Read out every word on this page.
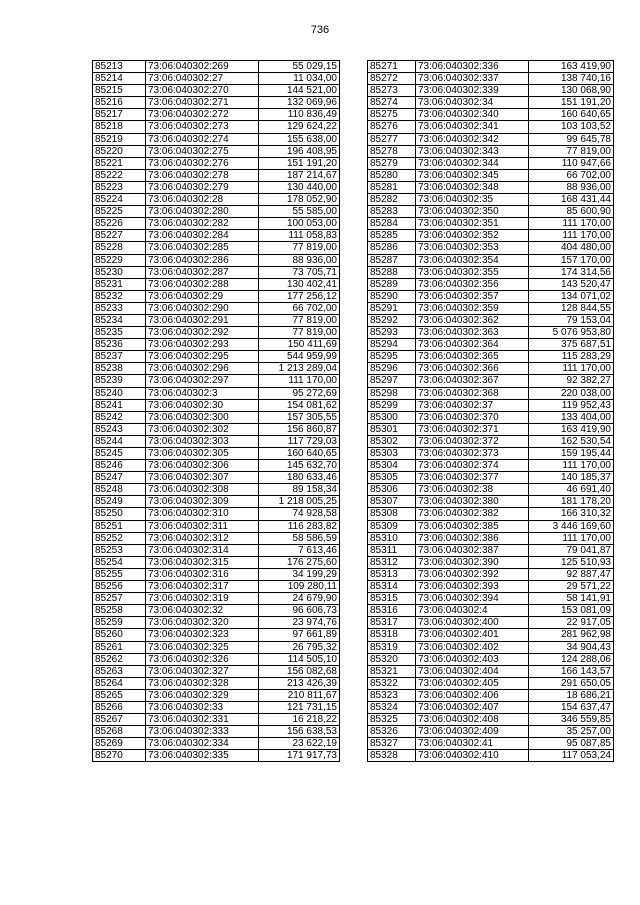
736
85213	73:06:040302:269	55 029,15
85214	73:06:040302:27	11 034,00
85215	73:06:040302:270	144 521,00
85216	73:06:040302:271	132 069,96
85217	73:06:040302:272	110 836,49
85218	73:06:040302:273	129 624,22
85219	73:06:040302:274	155 638,00
85220	73:06:040302:275	196 408,95
85221	73:06:040302:276	151 191,20
85222	73:06:040302:278	187 214,67
85223	73:06:040302:279	130 440,00
85224	73:06:040302:28	178 052,90
85225	73:06:040302:280	55 585,00
85226	73:06:040302:282	100 053,00
85227	73:06:040302:284	111 058,83
85228	73:06:040302:285	77 819,00
85229	73:06:040302:286	88 936,00
85230	73:06:040302:287	73 705,71
85231	73:06:040302:288	130 402,41
85232	73:06:040302:29	177 256,12
85233	73:06:040302:290	66 702,00
85234	73:06:040302:291	77 819,00
85235	73:06:040302:292	77 819,00
85236	73:06:040302:293	150 411,69
85237	73:06:040302:295	544 959,99
85238	73:06:040302:296	1 213 289,04
85239	73:06:040302:297	111 170,00
85240	73:06:040302:3	95 272,69
85241	73:06:040302:30	154 081,62
85242	73:06:040302:300	157 305,55
85243	73:06:040302:302	156 860,87
85244	73:06:040302:303	117 729,03
85245	73:06:040302:305	160 640,65
85246	73:06:040302:306	145 632,70
85247	73:06:040302:307	180 633,46
85248	73:06:040302:308	89 158,34
85249	73:06:040302:309	1 218 005,25
85250	73:06:040302:310	74 928,58
85251	73:06:040302:311	116 283,82
85252	73:06:040302:312	58 586,59
85253	73:06:040302:314	7 613,46
85254	73:06:040302:315	176 275,60
85255	73:06:040302:316	34 199,29
85256	73:06:040302:317	109 280,11
85257	73:06:040302:319	24 679,90
85258	73:06:040302:32	96 606,73
85259	73:06:040302:320	23 974,76
85260	73:06:040302:323	97 661,89
85261	73:06:040302:325	26 795,32
85262	73:06:040302:326	114 505,10
85263	73:06:040302:327	156 082,68
85264	73:06:040302:328	213 426,39
85265	73:06:040302:329	210 811,67
85266	73:06:040302:33	121 731,15
85267	73:06:040302:331	16 218,22
85268	73:06:040302:333	156 638,53
85269	73:06:040302:334	23 622,19
85270	73:06:040302:335	171 917,73
85271	73:06:040302:336	163 419,90
85272	73:06:040302:337	138 740,16
85273	73:06:040302:339	130 068,90
85274	73:06:040302:34	151 191,20
85275	73:06:040302:340	160 640,65
85276	73:06:040302:341	103 103,52
85277	73:06:040302:342	99 645,78
85278	73:06:040302:343	77 819,00
85279	73:06:040302:344	110 947,66
85280	73:06:040302:345	66 702,00
85281	73:06:040302:348	88 936,00
85282	73:06:040302:35	168 431,44
85283	73:06:040302:350	85 600,90
85284	73:06:040302:351	111 170,00
85285	73:06:040302:352	111 170,00
85286	73:06:040302:353	404 480,00
85287	73:06:040302:354	157 170,00
85288	73:06:040302:355	174 314,56
85289	73:06:040302:356	143 520,47
85290	73:06:040302:357	134 071,02
85291	73:06:040302:359	128 844,55
85292	73:06:040302:362	79 153,04
85293	73:06:040302:363	5 076 953,80
85294	73:06:040302:364	375 687,51
85295	73:06:040302:365	115 283,29
85296	73:06:040302:366	111 170,00
85297	73:06:040302:367	92 382,27
85298	73:06:040302:368	220 038,00
85299	73:06:040302:37	119 952,43
85300	73:06:040302:370	133 404,00
85301	73:06:040302:371	163 419,90
85302	73:06:040302:372	162 530,54
85303	73:06:040302:373	159 195,44
85304	73:06:040302:374	111 170,00
85305	73:06:040302:377	140 185,37
85306	73:06:040302:38	46 691,40
85307	73:06:040302:380	181 178,20
85308	73:06:040302:382	166 310,32
85309	73:06:040302:385	3 446 169,60
85310	73:06:040302:386	111 170,00
85311	73:06:040302:387	79 041,87
85312	73:06:040302:390	125 510,93
85313	73:06:040302:392	92 887,47
85314	73:06:040302:393	29 571,22
85315	73:06:040302:394	58 141,91
85316	73:06:040302:4	153 081,09
85317	73:06:040302:400	22 917,05
85318	73:06:040302:401	281 962,98
85319	73:06:040302:402	34 904,43
85320	73:06:040302:403	124 288,06
85321	73:06:040302:404	166 143,57
85322	73:06:040302:405	291 650,05
85323	73:06:040302:406	18 686,21
85324	73:06:040302:407	154 637,47
85325	73:06:040302:408	346 559,85
85326	73:06:040302:409	35 257,00
85327	73:06:040302:41	95 087,85
85328	73:06:040302:410	117 053,24
